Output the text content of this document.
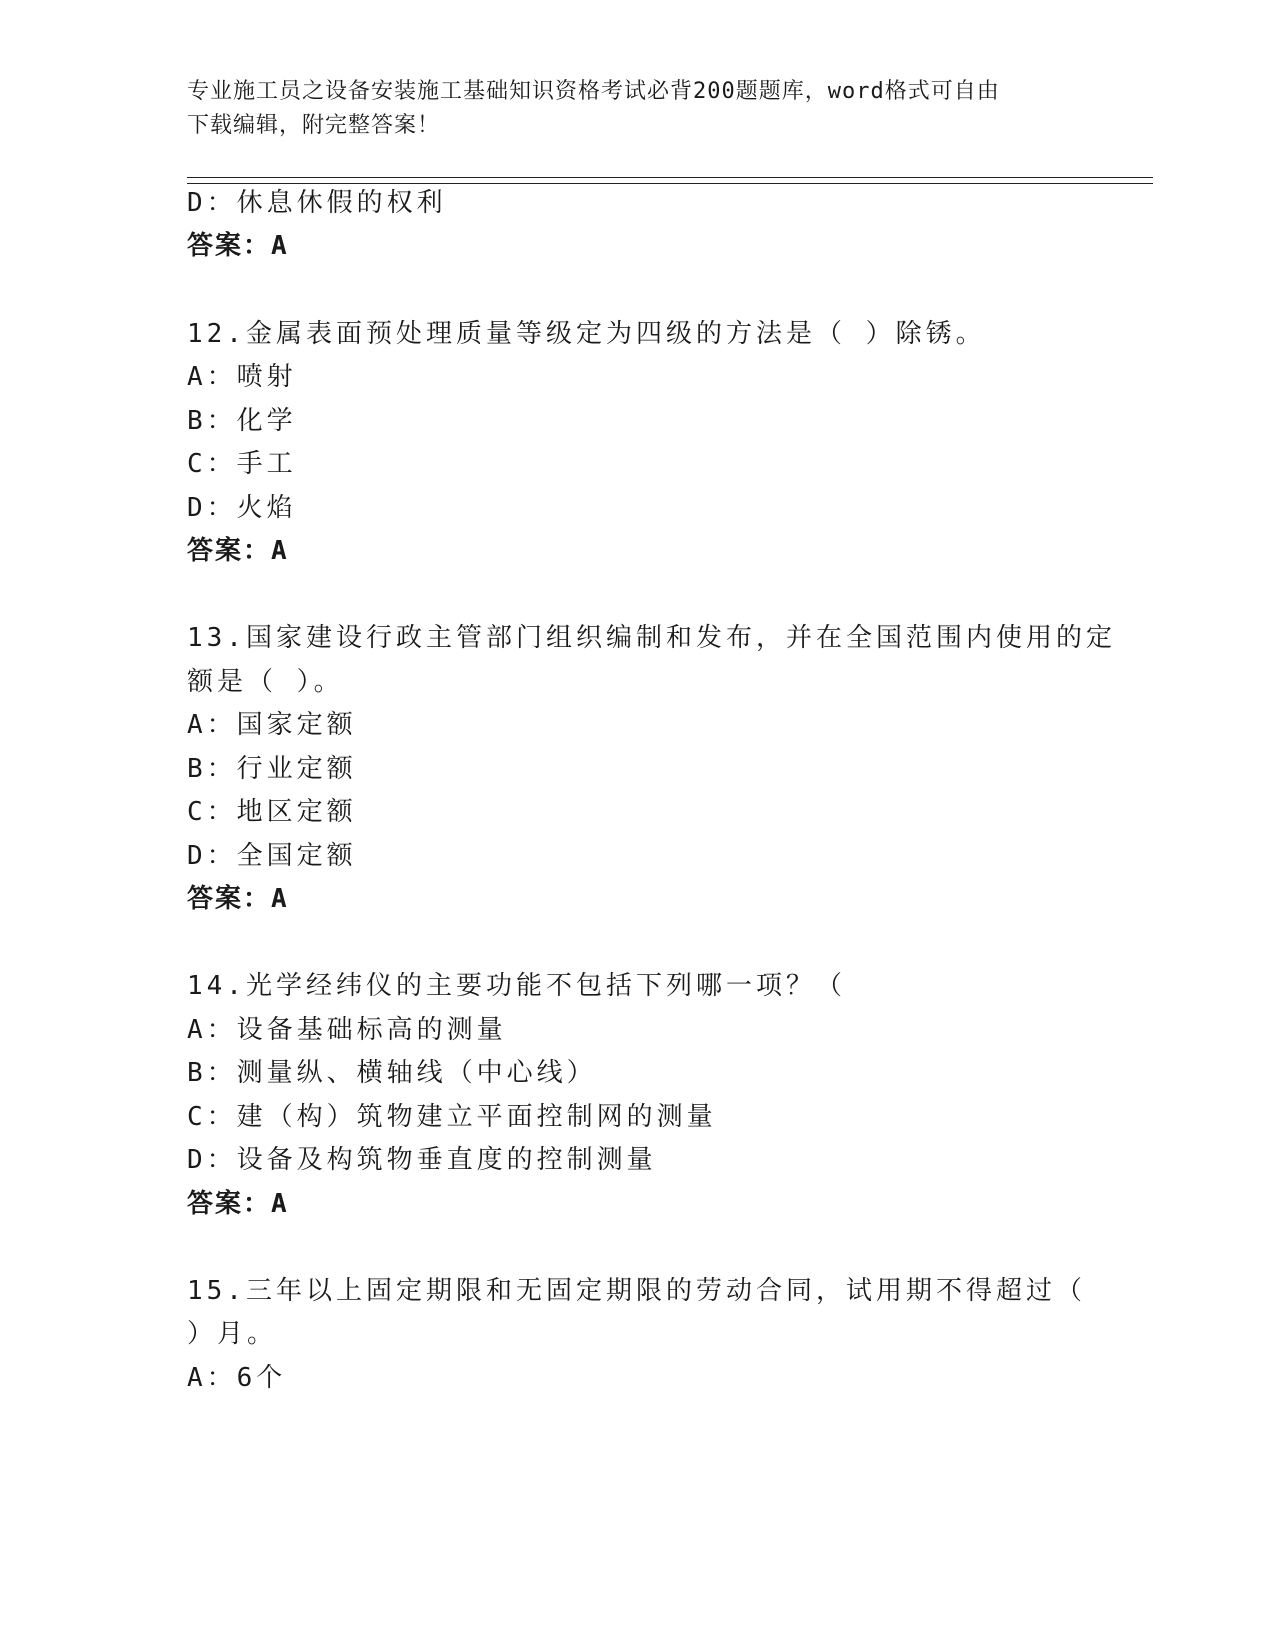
专业施工员之设备安装施工基础知识资格考试必背200题题库，word格式可自由
下载编辑，附完整答案！

D：休息休假的权利
答案：A
12.金属表面预处理质量等级定为四级的方法是（ ）除锈。
A：喷射
B：化学
C：手工
D：火焰
答案：A
13.国家建设行政主管部门组织编制和发布，并在全国范围内使用的定
额是（ ）。
A：国家定额
B：行业定额
C：地区定额
D：全国定额
答案：A
14.光学经纬仪的主要功能不包括下列哪一项？（
A：设备基础标高的测量
B：测量纵、横轴线（中心线）
C：建（构）筑物建立平面控制网的测量
D：设备及构筑物垂直度的控制测量
答案：A
15.三年以上固定期限和无固定期限的劳动合同，试用期不得超过（
）月。
A：6个
